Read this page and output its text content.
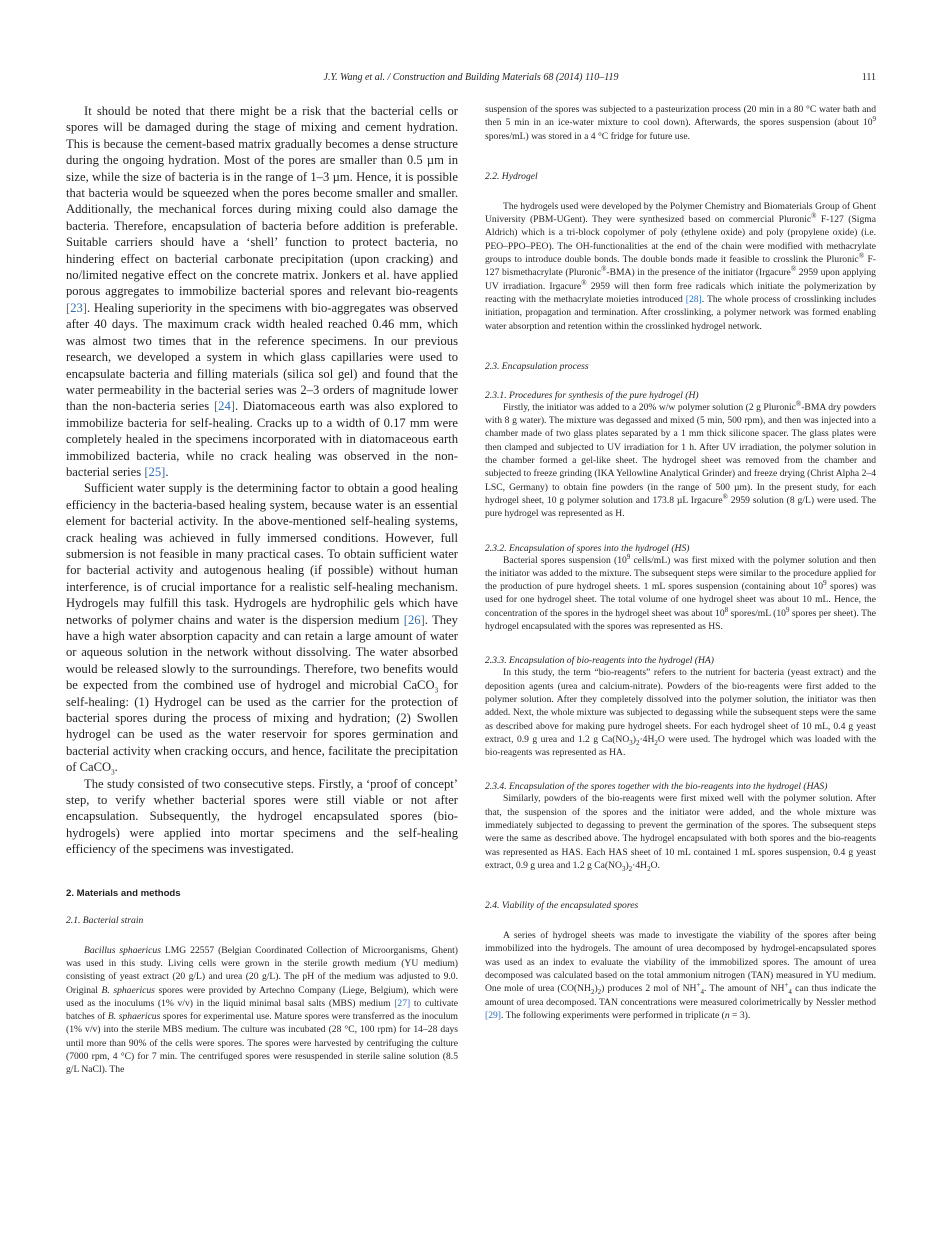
J.Y. Wang et al. / Construction and Building Materials 68 (2014) 110–119	111

It should be noted that there might be a risk that the bacterial cells or spores will be damaged during the stage of mixing and cement hydration. This is because the cement-based matrix gradually becomes a dense structure during the ongoing hydration. Most of the pores are smaller than 0.5 µm in size, while the size of bacteria is in the range of 1–3 µm. Hence, it is possible that bacteria would be squeezed when the pores become smaller and smaller. Additionally, the mechanical forces during mixing could also damage the bacteria. Therefore, encapsulation of bacteria before addition is preferable. Suitable carriers should have a ‘shell’ function to protect bacteria, no hindering effect on bacterial carbonate precipitation (upon cracking) and no/limited negative effect on the concrete matrix. Jonkers et al. have applied porous aggregates to immobilize bacterial spores and relevant bio-reagents [23]. Healing superiority in the specimens with bio-aggregates was observed after 40 days. The maximum crack width healed reached 0.46 mm, which was almost two times that in the reference specimens. In our previous research, we developed a system in which glass capillaries were used to encapsulate bacteria and filling materials (silica sol gel) and found that the water permeability in the bacterial series was 2–3 orders of magnitude lower than the non-bacteria series [24]. Diatomaceous earth was also explored to immobilize bacteria for self-healing. Cracks up to a width of 0.17 mm were completely healed in the specimens incorporated with in diatomaceous earth immobilized bacteria, while no crack healing was observed in the non-bacterial series [25].

Sufficient water supply is the determining factor to obtain a good healing efficiency in the bacteria-based healing system, because water is an essential element for bacterial activity. In the above-mentioned self-healing systems, crack healing was achieved in fully immersed conditions. However, full submersion is not feasible in many practical cases. To obtain sufficient water for bacterial activity and autogenous healing (if possible) without human interference, is of crucial importance for a realistic self-healing mechanism. Hydrogels may fulfill this task. Hydrogels are hydrophilic gels which have networks of polymer chains and water is the dispersion medium [26]. They have a high water absorption capacity and can retain a large amount of water or aqueous solution in the network without dissolving. The water absorbed would be released slowly to the surroundings. Therefore, two benefits would be expected from the combined use of hydrogel and microbial CaCO$_3$ for self-healing: (1) Hydrogel can be used as the carrier for the protection of bacterial spores during the process of mixing and hydration; (2) Swollen hydrogel can be used as the water reservoir for spores germination and bacterial activity when cracking occurs, and hence, facilitate the precipitation of CaCO$_3$.

The study consisted of two consecutive steps. Firstly, a ‘proof of concept’ step, to verify whether bacterial spores were still viable or not after encapsulation. Subsequently, the hydrogel encapsulated spores (bio-hydrogels) were applied into mortar specimens and the self-healing efficiency of the specimens was investigated.

2. Materials and methods
2.1. Bacterial strain

Bacillus sphaericus LMG 22557 (Belgian Coordinated Collection of Microorganisms, Ghent) was used in this study. Living cells were grown in the sterile growth medium (YU medium) consisting of yeast extract (20 g/L) and urea (20 g/L). The pH of the medium was adjusted to 9.0. Original B. sphaericus spores were provided by Artechno Company (Liege, Belgium), which were used as the inoculums (1% v/v) in the liquid minimal basal salts (MBS) medium [27] to cultivate batches of B. sphaericus spores for experimental use. Mature spores were transferred as the inoculum (1% v/v) into the sterile MBS medium. The culture was incubated (28 °C, 100 rpm) for 14–28 days until more than 90% of the cells were spores. The spores were harvested by centrifuging the culture (7000 rpm, 4 °C) for 7 min. The centrifuged spores were resuspended in sterile saline solution (8.5 g/L NaCl). The

suspension of the spores was subjected to a pasteurization process (20 min in a 80 °C water bath and then 5 min in an ice-water mixture to cool down). Afterwards, the spores suspension (about $10^9$ spores/mL) was stored in a 4 °C fridge for future use.

2.2. Hydrogel

The hydrogels used were developed by the Polymer Chemistry and Biomaterials Group of Ghent University (PBM-UGent). They were synthesized based on commercial Pluronic® F-127 (Sigma Aldrich) which is a tri-block copolymer of poly (ethylene oxide) and poly (propylene oxide) (i.e. PEO–PPO–PEO). The OH-functionalities at the end of the chain were modified with methacrylate groups to introduce double bonds. The double bonds made it feasible to crosslink the Pluronic® F-127 bismethacrylate (Pluronic®-BMA) in the presence of the initiator (Irgacure® 2959 upon applying UV irradiation. Irgacure® 2959 will then form free radicals which initiate the polymerization by reacting with the methacrylate moieties introduced [28]. The whole process of crosslinking includes initiation, propagation and termination. After crosslinking, a polymer network was formed enabling water absorption and retention within the crosslinked hydrogel network.

2.3. Encapsulation process
2.3.1. Procedures for synthesis of the pure hydrogel (H)

Firstly, the initiator was added to a 20% w/w polymer solution (2 g Pluronic®-BMA dry powders with 8 g water). The mixture was degassed and mixed (5 min, 500 rpm), and then was injected into a chamber made of two glass plates separated by a 1 mm thick silicone spacer. The glass plates were then clamped and subjected to UV irradiation for 1 h. After UV irradiation, the polymer solution in the chamber formed a gel-like sheet. The hydrogel sheet was removed from the chamber and subjected to freeze grinding (IKA Yellowline Analytical Grinder) and freeze drying (Christ Alpha 2–4 LSC, Germany) to obtain fine powders (in the range of 500 µm). In the present study, for each hydrogel sheet, 10 g polymer solution and 173.8 µL Irgacure® 2959 solution (8 g/L) were used. The pure hydrogel was represented as H.

2.3.2. Encapsulation of spores into the hydrogel (HS)

Bacterial spores suspension ($10^9$ cells/mL) was first mixed with the polymer solution and then the initiator was added to the mixture. The subsequent steps were similar to the procedure applied for the production of pure hydrogel sheets. 1 mL spores suspension (containing about $10^9$ spores) was used for one hydrogel sheet. The total volume of one hydrogel sheet was about 10 mL. Hence, the concentration of the spores in the hydrogel sheet was about $10^8$ spores/mL ($10^9$ spores per sheet). The hydrogel encapsulated with the spores was represented as HS.

2.3.3. Encapsulation of bio-reagents into the hydrogel (HA)

In this study, the term “bio-reagents” refers to the nutrient for bacteria (yeast extract) and the deposition agents (urea and calcium-nitrate). Powders of the bio-reagents were first added to the polymer solution. After they completely dissolved into the polymer solution, the initiator was then added. Next, the whole mixture was subjected to degassing while the subsequent steps were the same as described above for making pure hydrogel sheets. For each hydrogel sheet of 10 mL, 0.4 g yeast extract, 0.9 g urea and 1.2 g $Ca(NO_3)_2\cdot 4H_2O$ were used. The hydrogel which was loaded with the bio-reagents was represented as HA.

2.3.4. Encapsulation of the spores together with the bio-reagents into the hydrogel (HAS)

Similarly, powders of the bio-reagents were first mixed well with the polymer solution. After that, the suspension of the spores and the initiator were added, and the whole mixture was immediately subjected to degassing to prevent the germination of the spores. The subsequent steps were the same as described above. The hydrogel encapsulated with both spores and the bio-reagents was represented as HAS. Each HAS sheet of 10 mL contained 1 mL spores suspension, 0.4 g yeast extract, 0.9 g urea and 1.2 g $Ca(NO_3)_2\cdot 4H_2O$.

2.4. Viability of the encapsulated spores

A series of hydrogel sheets was made to investigate the viability of the spores after being immobilized into the hydrogels. The amount of urea decomposed by hydrogel-encapsulated spores was used as an index to evaluate the viability of the immobilized spores. The amount of urea decomposed was calculated based on the total ammonium nitrogen (TAN) measured in YU medium. One mole of urea $(CO(NH_2)_2)$ produces 2 mol of $NH^+_4$. The amount of $NH^+_4$ can thus indicate the amount of urea decomposed. TAN concentrations were measured colorimetrically by Nessler method [29]. The following experiments were performed in triplicate (n = 3).
